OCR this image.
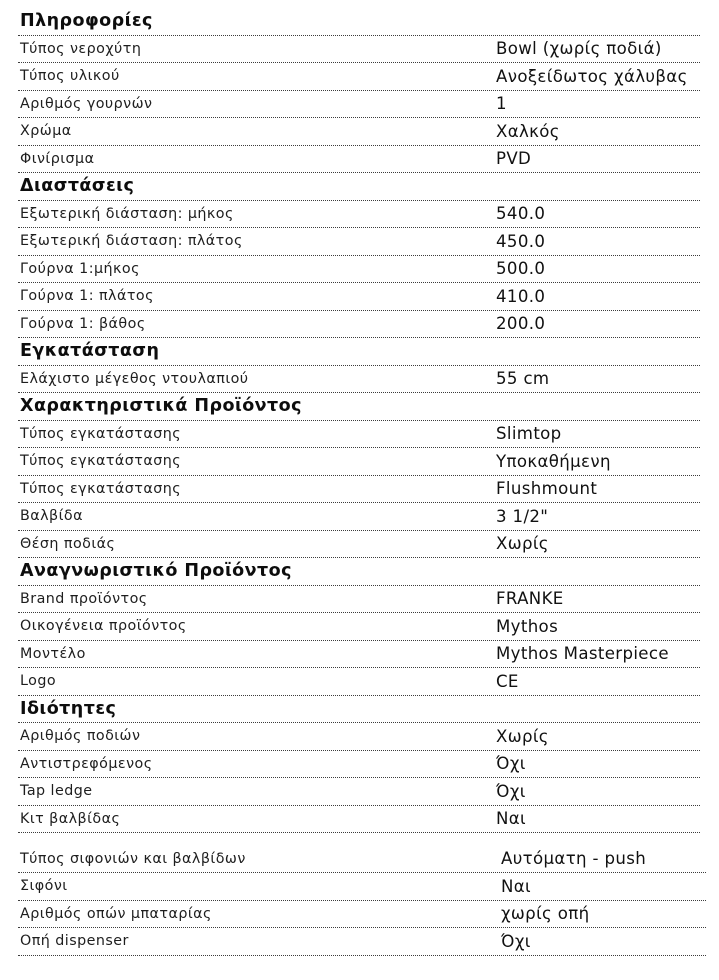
Πληροφορίες
Τύπος νεροχύτη	Bowl (χωρίς ποδιά)
Τύπος υλικού	Ανοξείδωτος χάλυβας
Αριθμός γουρνών	1
Χρώμα	Χαλκός
Φινίρισμα	PVD
Διαστάσεις
Εξωτερική διάσταση: μήκος	540.0
Εξωτερική διάσταση: πλάτος	450.0
Γούρνα 1:μήκος	500.0
Γούρνα 1: πλάτος	410.0
Γούρνα 1: βάθος	200.0
Εγκατάσταση
Ελάχιστο μέγεθος ντουλαπιού	55 cm
Χαρακτηριστικά Προϊόντος
Τύπος εγκατάστασης	Slimtop
Τύπος εγκατάστασης	Υποκαθήμενη
Τύπος εγκατάστασης	Flushmount
Βαλβίδα	3 1/2"
Θέση ποδιάς	Χωρίς
Αναγνωριστικό Προϊόντος
Brand προϊόντος	FRANKE
Οικογένεια προϊόντος	Mythos
Μοντέλο	Mythos Masterpiece
Logo	CE
Ιδιότητες
Αριθμός ποδιών	Χωρίς
Αντιστρεφόμενος	Όχι
Tap ledge	Όχι
Κιτ βαλβίδας	Ναι
Τύπος σιφονιών και βαλβίδων	Αυτόματη - push
Σιφόνι	Ναι
Αριθμός οπών μπαταρίας	χωρίς οπή
Οπή dispenser	Όχι
